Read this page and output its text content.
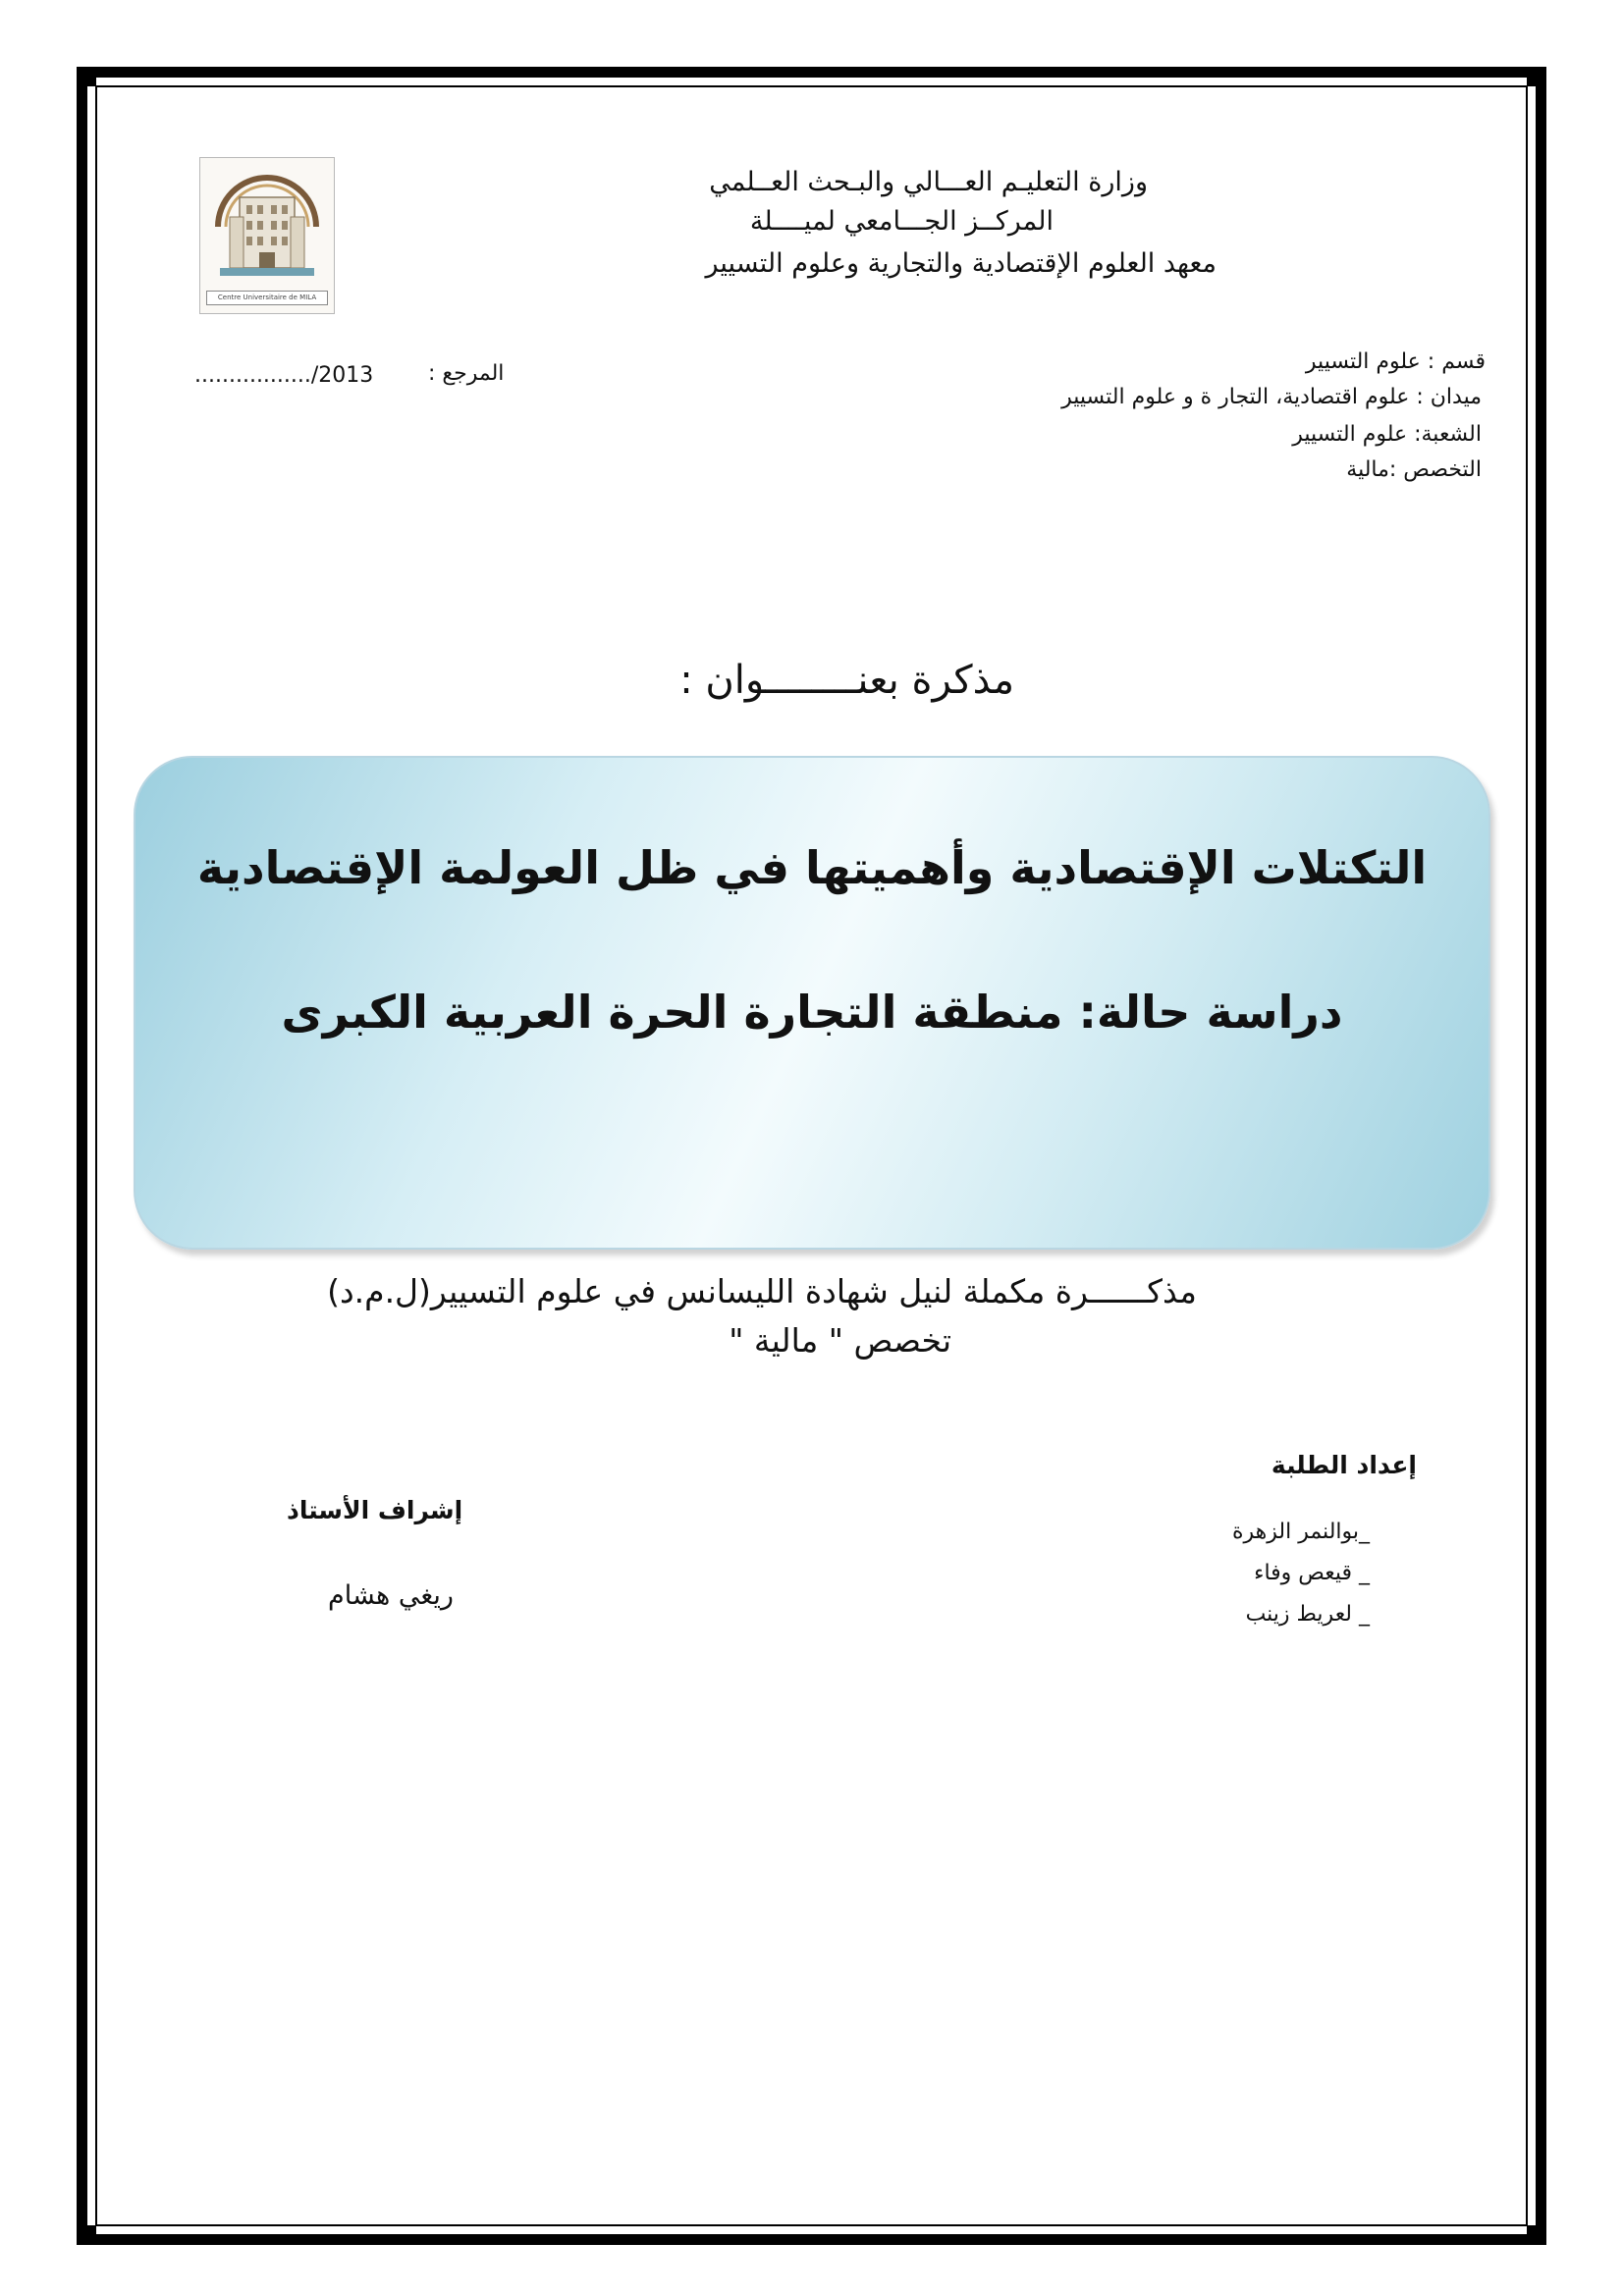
Centre Universitaire de MILA
وزارة التعليـم العـــالي والبـحث العــلمي
المركــز الجـــامعي لميــــلة
معهد العلوم الإقتصادية والتجارية وعلوم التسيير
المرجع :
................./2013
قسم : علوم التسيير
ميدان : علوم اقتصادية، التجار ة و علوم التسيير
الشعبة: علوم التسيير
التخصص :مالية
مذكرة بعنــــــــوان :
التكتلات الإقتصادية وأهميتها في ظل العولمة الإقتصادية
دراسة حالة: منطقة التجارة الحرة العربية الكبرى
مذكــــــرة مكملة لنيل شهادة الليسانس في علوم التسيير(ل.م.د)
تخصص " مالية "
إعداد الطلبة
_بوالنمر الزهرة
_ قيعص وفاء
_ لعريط زينب
إشراف الأستاذ
ريغي هشام
